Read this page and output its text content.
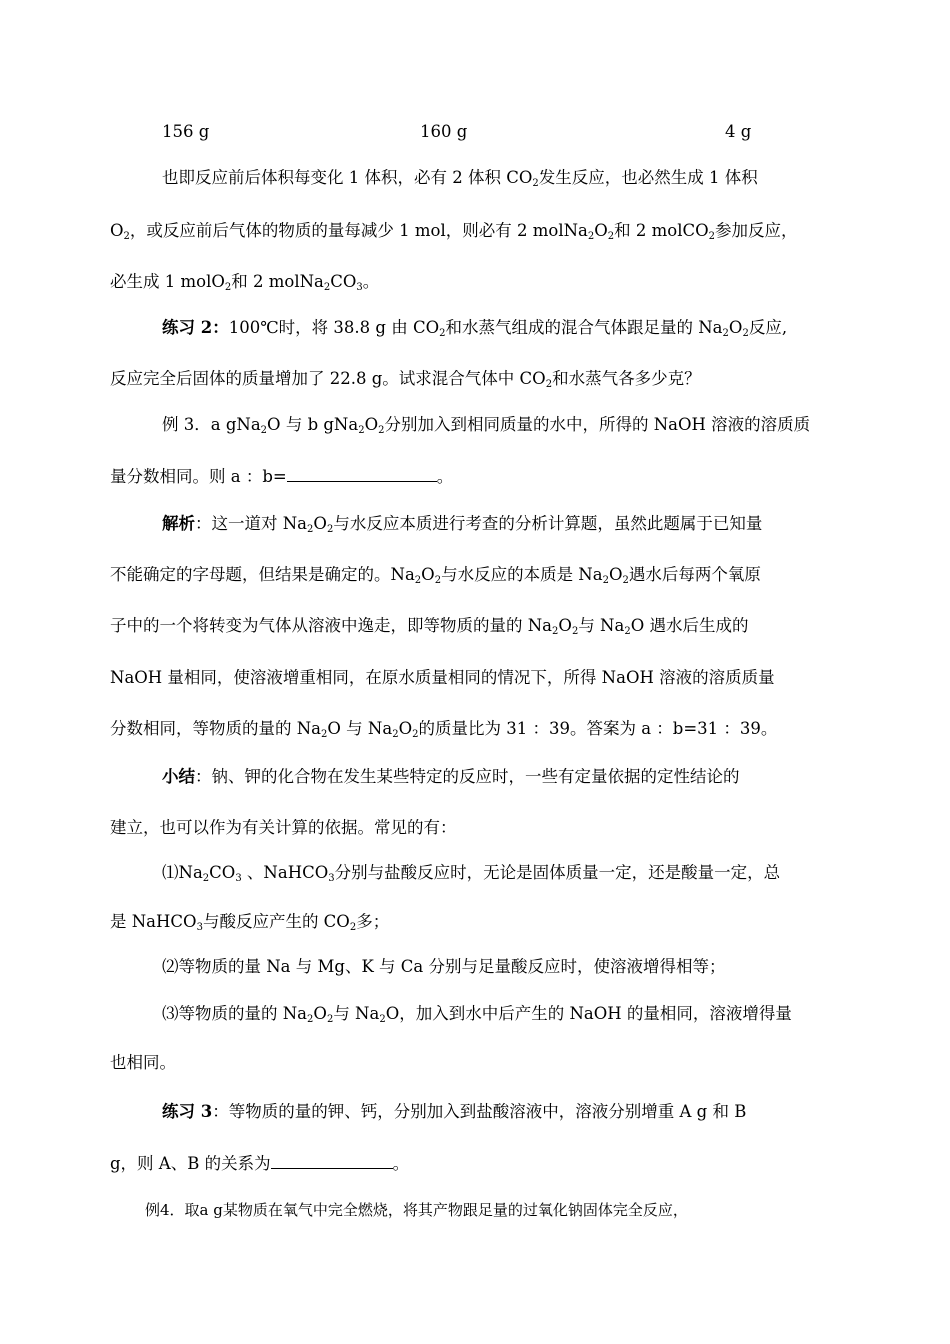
156 g	160 g	4 g
也即反应前后体积每变化 1 体积，必有 2 体积 $CO_2$发生反应，也必然生成 1 体积
$O_2$，或反应前后气体的物质的量每减少 1 mol，则必有 2 $molNa_2O_2$和 2 molCO$_2$参加反应，
必生成 1 molO$_2$和 2 $molNa_2CO_3$。
练习 2：100℃时，将 38.8 g 由 $CO_2$和水蒸气组成的混合气体跟足量的 $Na_2O_2$反应,
反应完全后固体的质量增加了 22.8 g。试求混合气体中 $CO_2$和水蒸气各多少克？
例 3．a gNa$_2$O 与 b $gNa_2O_2$分别加入到相同质量的水中，所得的 NaOH 溶液的溶质质
量分数相同。则 a ：b=	。
解析：这一道对 $Na_2O_2$与水反应本质进行考查的分析计算题，虽然此题属于已知量
不能确定的字母题，但结果是确定的。$Na_2O_2$与水反应的本质是 $Na_2O_2$遇水后每两个氧原
子中的一个将转变为气体从溶液中逸走，即等物质的量的 $Na_2O_2$与 $Na_2O$ 遇水后生成的
NaOH 量相同，使溶液增重相同，在原水质量相同的情况下，所得 NaOH 溶液的溶质质量
分数相同，等物质的量的 $Na_2O$ 与 $Na_2O_2$的质量比为 31 ：39。答案为 a ：b=31 ：39。
小结：钠、钾的化合物在发生某些特定的反应时，一些有定量依据的定性结论的
建立，也可以作为有关计算的依据。常见的有：
$⑴Na_2CO_3$ 、NaHCO$_3$分别与盐酸反应时，无论是固体质量一定，还是酸量一定，总
是 NaHCO$_3$与酸反应产生的 $CO_2$多；
⑵等物质的量 Na 与 Mg、K 与 Ca 分别与足量酸反应时，使溶液增得相等；
⑶等物质的量的 $Na_2O_2$与 $Na_2O$，加入到水中后产生的 NaOH 的量相同，溶液增得量
也相同。
练习 3：等物质的量的钾、钙，分别加入到盐酸溶液中，溶液分别增重 A g 和 B
g，则 A、B 的关系为	。
例4．取a g某物质在氧气中完全燃烧，将其产物跟足量的过氧化钠固体完全反应，
